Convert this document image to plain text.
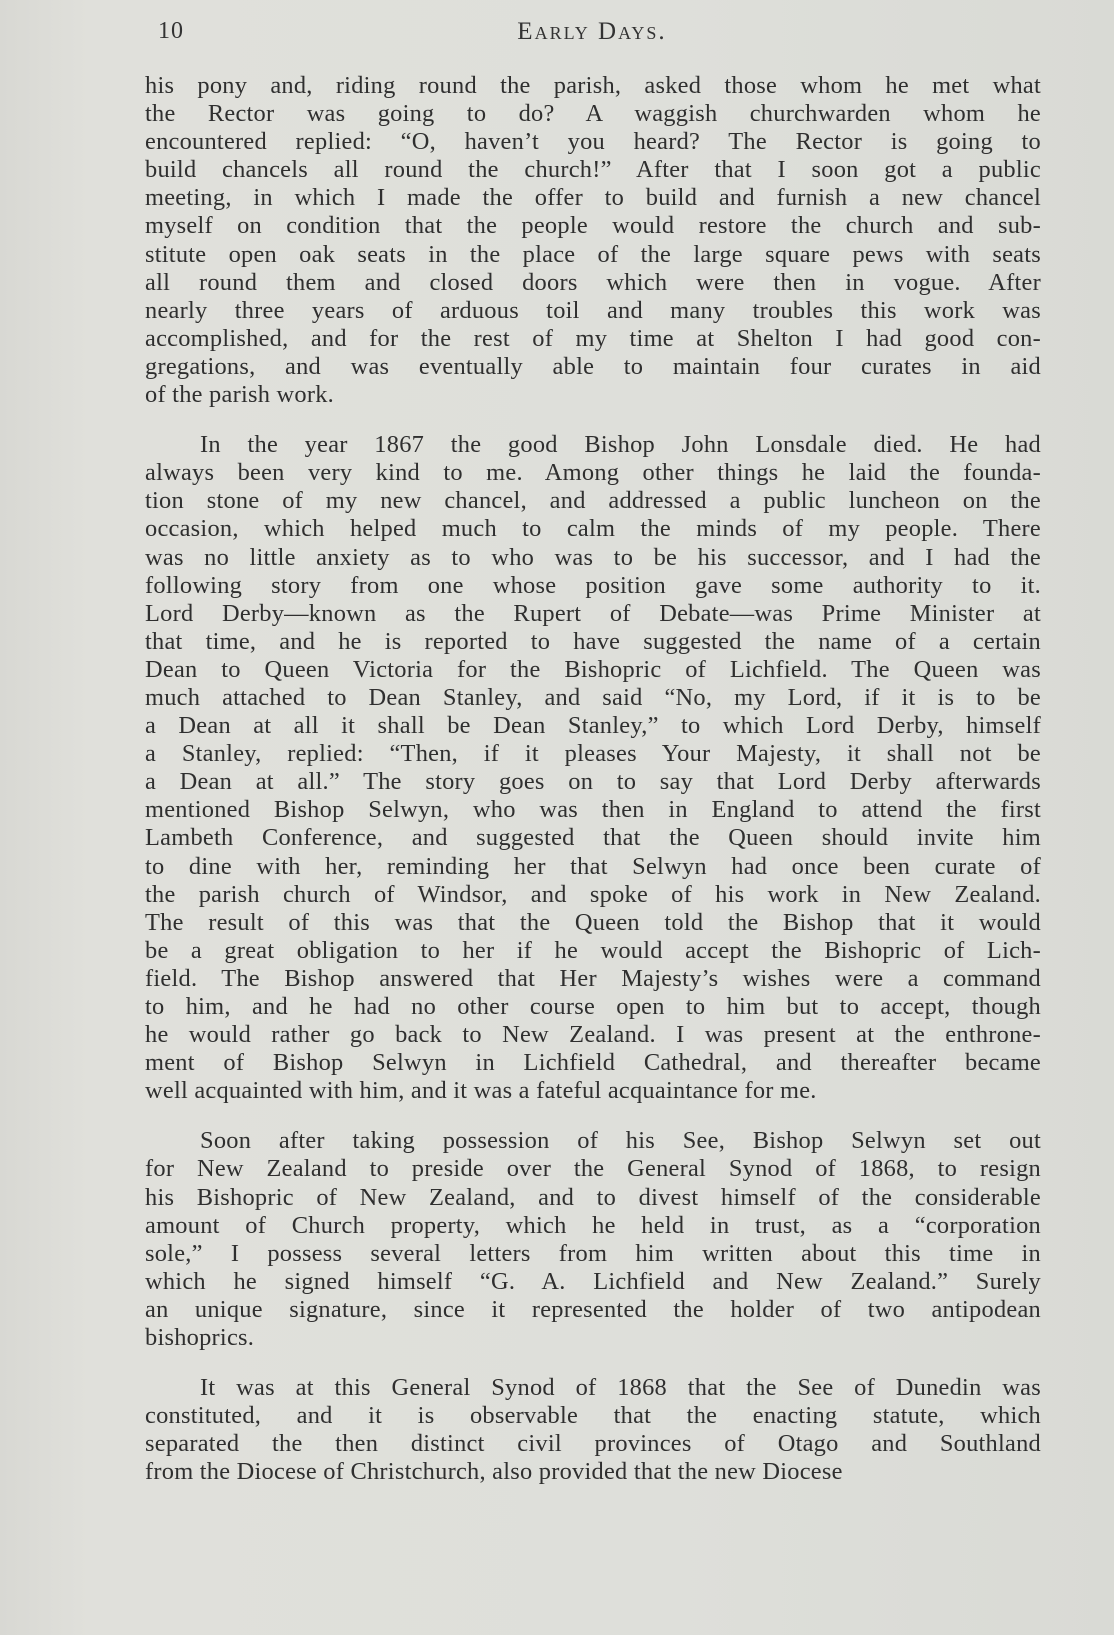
10	Early Days.
his pony and, riding round the parish, asked those whom he met what
the Rector was going to do? A waggish churchwarden whom he
encountered replied: “O, haven’t you heard? The Rector is going to
build chancels all round the church!” After that I soon got a public
meeting, in which I made the offer to build and furnish a new chancel
myself on condition that the people would restore the church and sub-
stitute open oak seats in the place of the large square pews with seats
all round them and closed doors which were then in vogue. After
nearly three years of arduous toil and many troubles this work was
accomplished, and for the rest of my time at Shelton I had good con-
gregations, and was eventually able to maintain four curates in aid
of the parish work.
In the year 1867 the good Bishop John Lonsdale died. He had
always been very kind to me. Among other things he laid the founda-
tion stone of my new chancel, and addressed a public luncheon on the
occasion, which helped much to calm the minds of my people. There
was no little anxiety as to who was to be his successor, and I had the
following story from one whose position gave some authority to it.
Lord Derby—known as the Rupert of Debate—was Prime Minister at
that time, and he is reported to have suggested the name of a certain
Dean to Queen Victoria for the Bishopric of Lichfield. The Queen was
much attached to Dean Stanley, and said “No, my Lord, if it is to be
a Dean at all it shall be Dean Stanley,” to which Lord Derby, himself
a Stanley, replied: “Then, if it pleases Your Majesty, it shall not be
a Dean at all.” The story goes on to say that Lord Derby afterwards
mentioned Bishop Selwyn, who was then in England to attend the first
Lambeth Conference, and suggested that the Queen should invite him
to dine with her, reminding her that Selwyn had once been curate of
the parish church of Windsor, and spoke of his work in New Zealand.
The result of this was that the Queen told the Bishop that it would
be a great obligation to her if he would accept the Bishopric of Lich-
field. The Bishop answered that Her Majesty’s wishes were a command
to him, and he had no other course open to him but to accept, though
he would rather go back to New Zealand. I was present at the enthrone-
ment of Bishop Selwyn in Lichfield Cathedral, and thereafter became
well acquainted with him, and it was a fateful acquaintance for me.
Soon after taking possession of his See, Bishop Selwyn set out
for New Zealand to preside over the General Synod of 1868, to resign
his Bishopric of New Zealand, and to divest himself of the considerable
amount of Church property, which he held in trust, as a “corporation
sole,” I possess several letters from him written about this time in
which he signed himself “G. A. Lichfield and New Zealand.” Surely
an unique signature, since it represented the holder of two antipodean
bishoprics.
It was at this General Synod of 1868 that the See of Dunedin was
constituted, and it is observable that the enacting statute, which
separated the then distinct civil provinces of Otago and Southland
from the Diocese of Christchurch, also provided that the new Diocese
